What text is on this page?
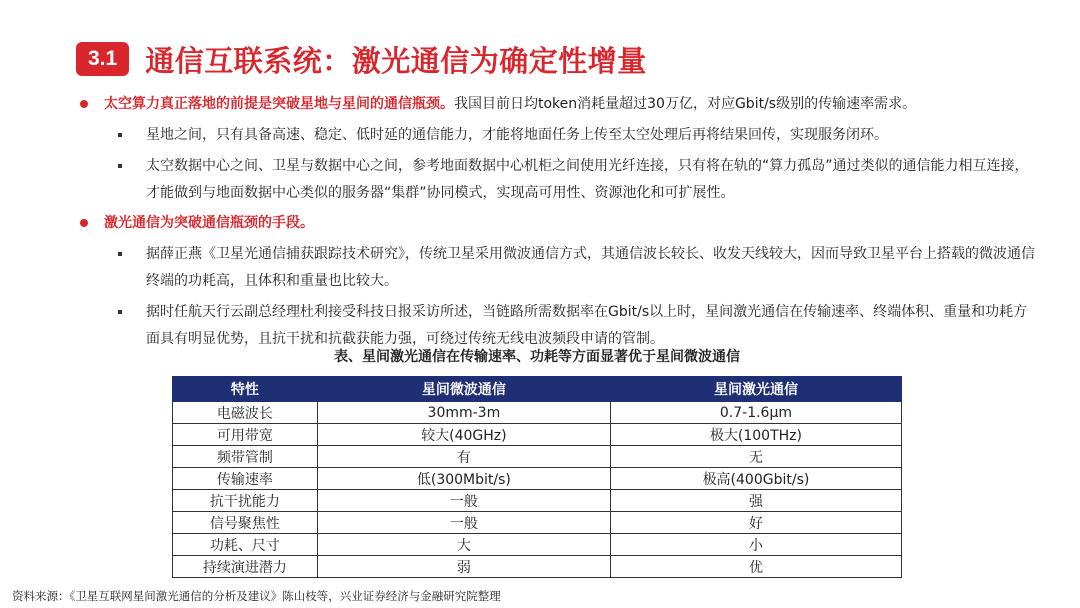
3.1 通信互联系统：激光通信为确定性增量
太空算力真正落地的前提是突破星地与星间的通信瓶颈。我国目前日均token消耗量超过30万亿，对应Gbit/s级别的传输速率需求。
星地之间，只有具备高速、稳定、低时延的通信能力，才能将地面任务上传至太空处理后再将结果回传，实现服务闭环。
太空数据中心之间、卫星与数据中心之间，参考地面数据中心机柜之间使用光纤连接，只有将在轨的“算力孤岛”通过类似的通信能力相互连接，才能做到与地面数据中心类似的服务器“集群”协同模式，实现高可用性、资源池化和可扩展性。
激光通信为突破通信瓶颈的手段。
据薛正燕《卫星光通信捕获跟踪技术研究》，传统卫星采用微波通信方式，其通信波长较长、收发天线较大，因而导致卫星平台上搭载的微波通信终端的功耗高，且体积和重量也比较大。
据时任航天行云副总经理杜利接受科技日报采访所述，当链路所需数据率在Gbit/s以上时，星间激光通信在传输速率、终端体积、重量和功耗方面具有明显优势，且抗干扰和抗截获能力强，可绕过传统无线电波频段申请的管制。
表、星间激光通信在传输速率、功耗等方面显著优于星间微波通信
特性	星间微波通信	星间激光通信
电磁波长	30mm-3m	0.7-1.6μm
可用带宽	较大(40GHz)	极大(100THz)
频带管制	有	无
传输速率	低(300Mbit/s)	极高(400Gbit/s)
抗干扰能力	一般	强
信号聚焦性	一般	好
功耗、尺寸	大	小
持续演进潜力	弱	优
资料来源：《卫星互联网星间激光通信的分析及建议》陈山枝等，兴业证券经济与金融研究院整理
